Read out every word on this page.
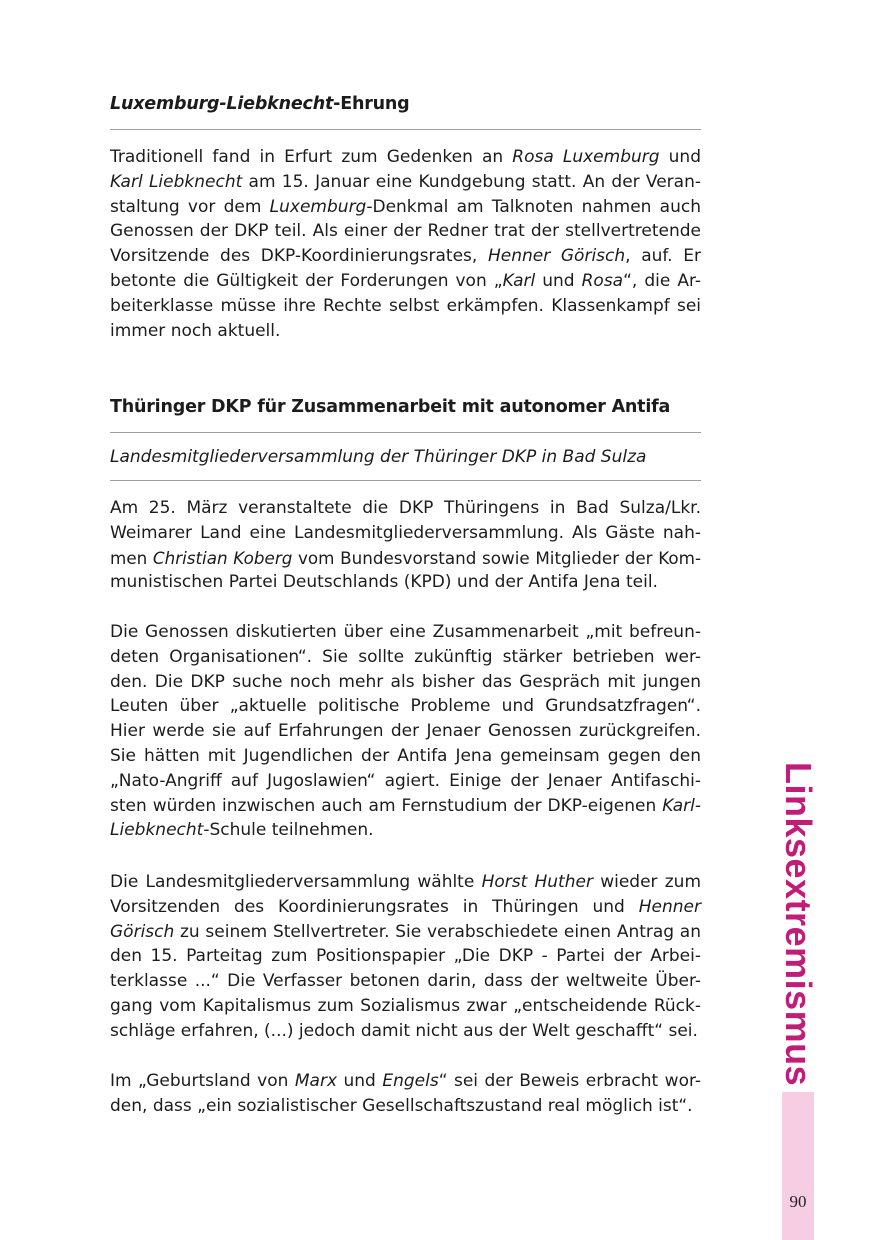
Luxemburg-Liebknecht-Ehrung
Traditionell fand in Erfurt zum Gedenken an Rosa Luxemburg und
Karl Liebknecht am 15. Januar eine Kundgebung statt. An der Veran-
staltung vor dem Luxemburg-Denkmal am Talknoten nahmen auch
Genossen der DKP teil. Als einer der Redner trat der stellvertretende
Vorsitzende des DKP-Koordinierungsrates, Henner Görisch, auf. Er
betonte die Gültigkeit der Forderungen von „Karl und Rosa“, die Ar-
beiterklasse müsse ihre Rechte selbst erkämpfen. Klassenkampf sei
immer noch aktuell.
Thüringer DKP für Zusammenarbeit mit autonomer Antifa
Landesmitgliederversammlung der Thüringer DKP in Bad Sulza
Am 25. März veranstaltete die DKP Thüringens in Bad Sulza/Lkr.
Weimarer Land eine Landesmitgliederversammlung. Als Gäste nah-
men Christian Koberg vom Bundesvorstand sowie Mitglieder der Kom-
munistischen Partei Deutschlands (KPD) und der Antifa Jena teil.
Die Genossen diskutierten über eine Zusammenarbeit „mit befreun-
deten Organisationen“. Sie sollte zukünftig stärker betrieben wer-
den. Die DKP suche noch mehr als bisher das Gespräch mit jungen
Leuten über „aktuelle politische Probleme und Grundsatzfragen“.
Hier werde sie auf Erfahrungen der Jenaer Genossen zurückgreifen.
Sie hätten mit Jugendlichen der Antifa Jena gemeinsam gegen den
„Nato-Angriff auf Jugoslawien“ agiert. Einige der Jenaer Antifaschi-
sten würden inzwischen auch am Fernstudium der DKP-eigenen Karl-
Liebknecht-Schule teilnehmen.
Die Landesmitgliederversammlung wählte Horst Huther wieder zum
Vorsitzenden des Koordinierungsrates in Thüringen und Henner
Görisch zu seinem Stellvertreter. Sie verabschiedete einen Antrag an
den 15. Parteitag zum Positionspapier „Die DKP - Partei der Arbei-
terklasse ...“ Die Verfasser betonen darin, dass der weltweite Über-
gang vom Kapitalismus zum Sozialismus zwar „entscheidende Rück-
schläge erfahren, (...) jedoch damit nicht aus der Welt geschafft“ sei.
Im „Geburtsland von Marx und Engels“ sei der Beweis erbracht wor-
den, dass „ein sozialistischer Gesellschaftszustand real möglich ist“.
Linksextremismus
90
